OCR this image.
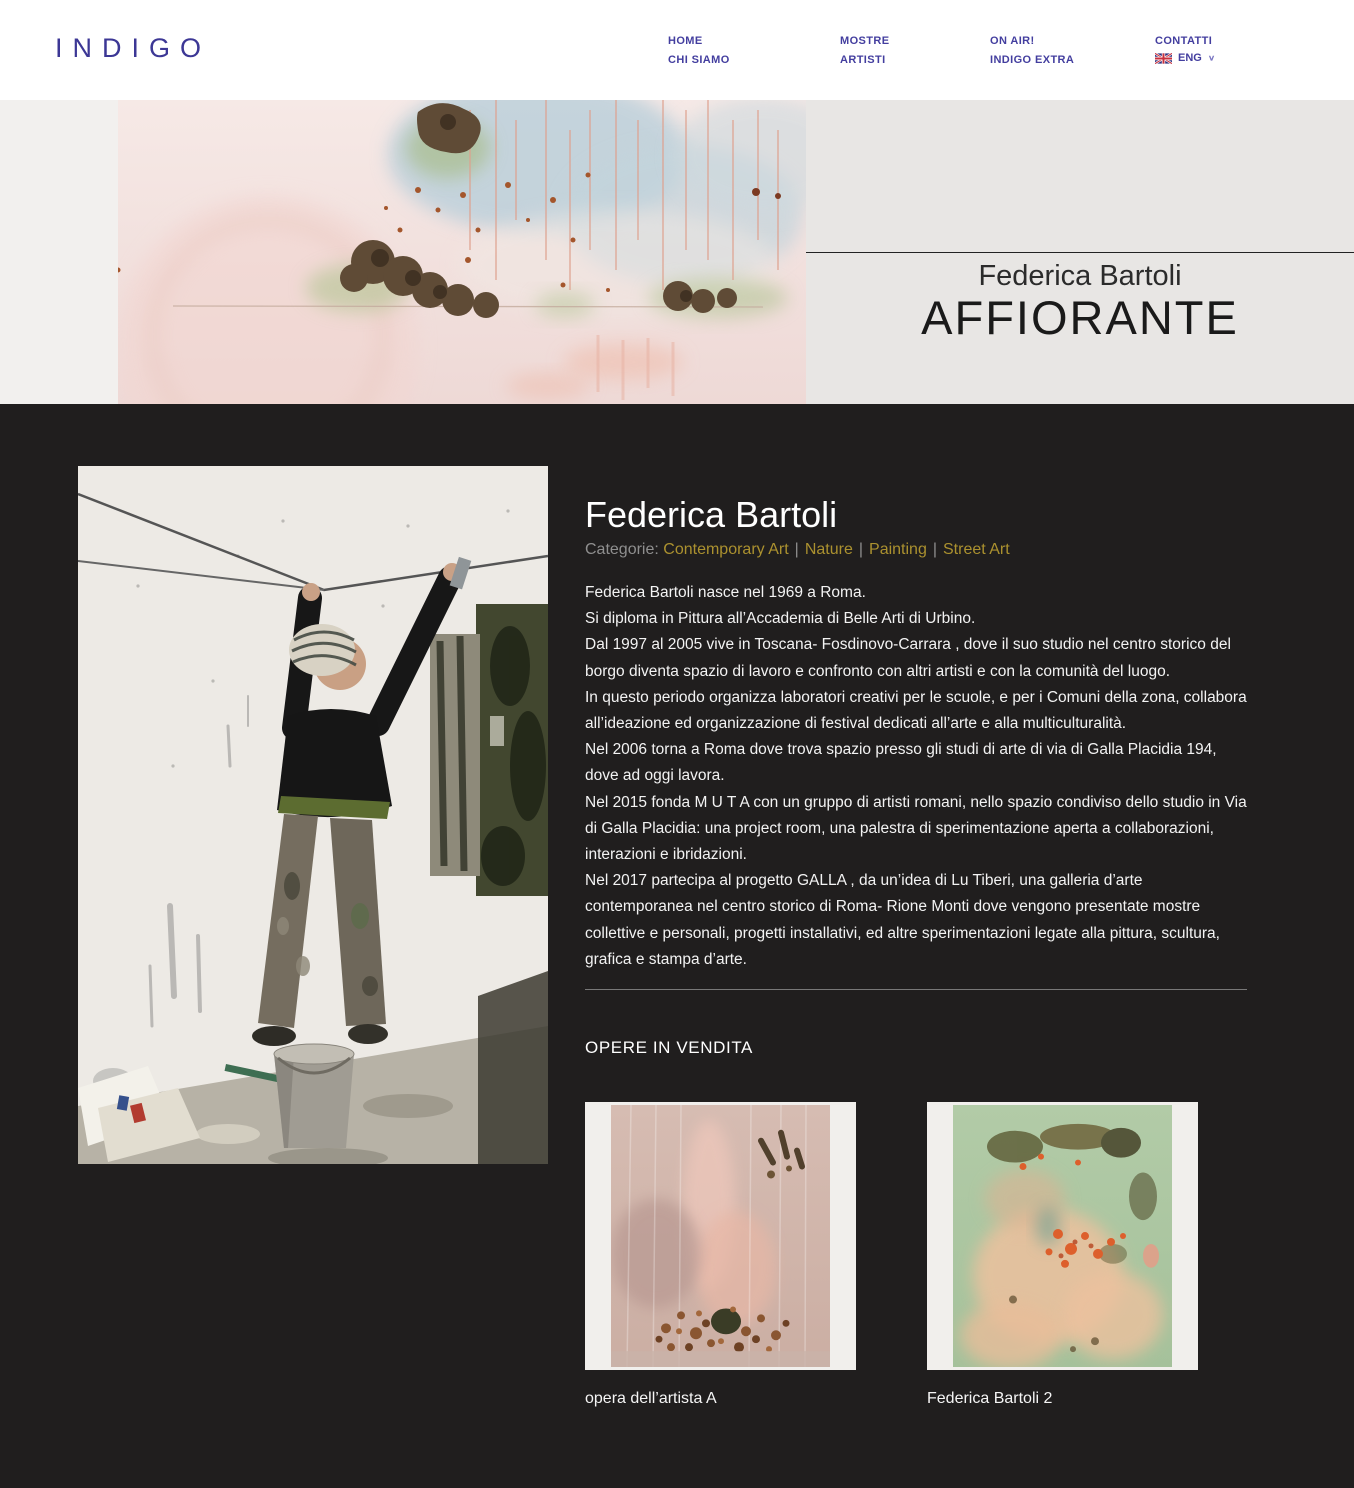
INDIGO	HOME
CHI SIAMO
MOSTRE
ARTISTI
ON AIR!
INDIGO EXTRA
CONTATTI
ENG ∨
AFFIORANTE
Federica Bartoli
Federica Bartoli
Categorie: Contemporary Art | Nature | Painting | Street Art

Federica Bartoli nasce nel 1969 a Roma.

Si diploma in Pittura all’Accademia di Belle Arti di Urbino.

Dal 1997 al 2005 vive in Toscana- Fosdinovo-Carrara , dove il suo studio nel centro storico del borgo diventa spazio di lavoro e confronto con altri artisti e con la comunità del luogo.

In questo periodo organizza laboratori creativi per le scuole, e per i Comuni della zona, collabora all’ideazione ed organizzazione di festival dedicati all’arte e alla multiculturalità.

Nel 2006 torna a Roma dove trova spazio presso gli studi di arte di via di Galla Placidia 194, dove ad oggi lavora.

Nel 2015 fonda M U T A con un gruppo di artisti romani, nello spazio condiviso dello studio in Via di Galla Placidia: una project room, una palestra di sperimentazione aperta a collaborazioni, interazioni e ibridazioni.

Nel 2017 partecipa al progetto GALLA , da un’idea di Lu Tiberi, una galleria d’arte contemporanea nel centro storico di Roma- Rione Monti dove vengono presentate mostre collettive e personali, progetti installativi, ed altre sperimentazioni legate alla pittura, scultura, grafica e stampa d’arte.

OPERE IN VENDITA
opera dell’artista A	Federica Bartoli 2
